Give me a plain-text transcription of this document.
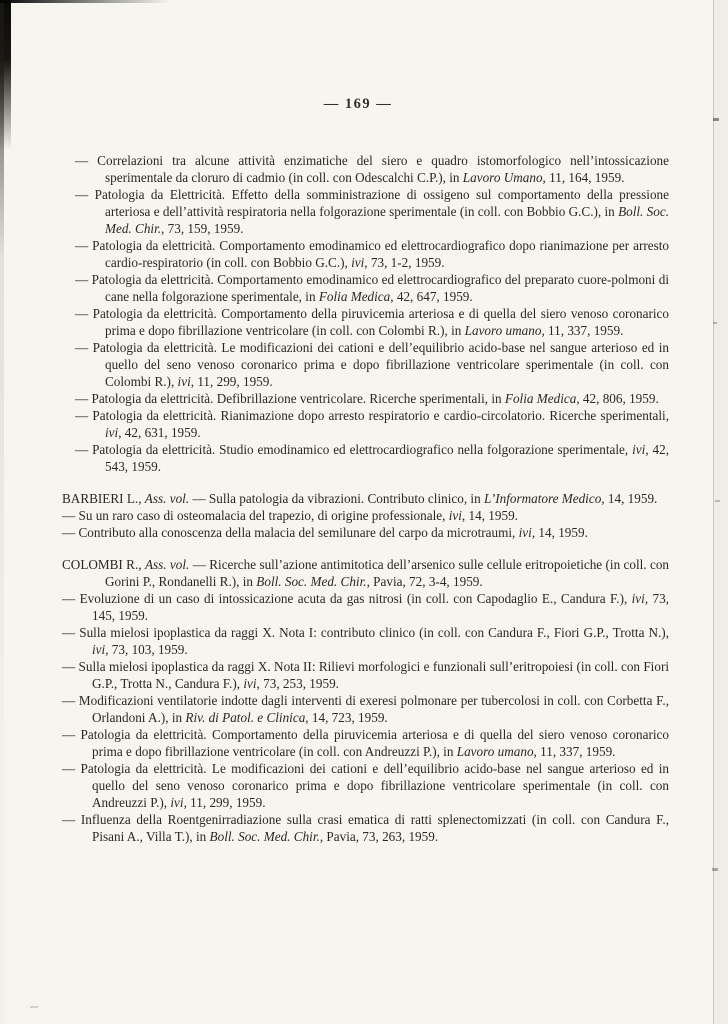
— 169 —

— Correlazioni tra alcune attività enzimatiche del siero e quadro istomorfologico nell’intossicazione sperimentale da cloruro di cadmio (in coll. con Odescalchi C.P.), in Lavoro Umano, 11, 164, 1959.

— Patologia da Elettricità. Effetto della somministrazione di ossigeno sul comportamento della pressione arteriosa e dell’attività respiratoria nella folgorazione sperimentale (in coll. con Bobbio G.C.), in Boll. Soc. Med. Chir., 73, 159, 1959.

— Patologia da elettricità. Comportamento emodinamico ed elettrocardiografico dopo rianimazione per arresto cardio-respiratorio (in coll. con Bobbio G.C.), ivi, 73, 1-2, 1959.

— Patologia da elettricità. Comportamento emodinamico ed elettrocardiografico del preparato cuore-polmoni di cane nella folgorazione sperimentale, in Folia Medica, 42, 647, 1959.

— Patologia da elettricità. Comportamento della piruvicemia arteriosa e di quella del siero venoso coronarico prima e dopo fibrillazione ventricolare (in coll. con Colombi R.), in Lavoro umano, 11, 337, 1959.

— Patologia da elettricità. Le modificazioni dei cationi e dell’equilibrio acido-base nel sangue arterioso ed in quello del seno venoso coronarico prima e dopo fibrillazione ventricolare sperimentale (in coll. con Colombi R.), ivi, 11, 299, 1959.

— Patologia da elettricità. Defibrillazione ventricolare. Ricerche sperimentali, in Folia Medica, 42, 806, 1959.

— Patologia da elettricità. Rianimazione dopo arresto respiratorio e cardio-circolatorio. Ricerche sperimentali, ivi, 42, 631, 1959.

— Patologia da elettricità. Studio emodinamico ed elettrocardiografico nella folgorazione sperimentale, ivi, 42, 543, 1959.

BARBIERI L., Ass. vol. — Sulla patologia da vibrazioni. Contributo clinico, in L’Informatore Medico, 14, 1959.

— Su un raro caso di osteomalacia del trapezio, di origine professionale, ivi, 14, 1959.

— Contributo alla conoscenza della malacia del semilunare del carpo da microtraumi, ivi, 14, 1959.

COLOMBI R., Ass. vol. — Ricerche sull’azione antimitotica dell’arsenico sulle cellule eritropoietiche (in coll. con Gorini P., Rondanelli R.), in Boll. Soc. Med. Chir., Pavia, 72, 3-4, 1959.

— Evoluzione di un caso di intossicazione acuta da gas nitrosi (in coll. con Capodaglio E., Candura F.), ivi, 73, 145, 1959.

— Sulla mielosi ipoplastica da raggi X. Nota I: contributo clinico (in coll. con Candura F., Fiori G.P., Trotta N.), ivi, 73, 103, 1959.

— Sulla mielosi ipoplastica da raggi X. Nota II: Rilievi morfologici e funzionali sull’eritropoiesi (in coll. con Fiori G.P., Trotta N., Candura F.), ivi, 73, 253, 1959.

— Modificazioni ventilatorie indotte dagli interventi di exeresi polmonare per tubercolosi in coll. con Corbetta F., Orlandoni A.), in Riv. di Patol. e Clinica, 14, 723, 1959.

— Patologia da elettricità. Comportamento della piruvicemia arteriosa e di quella del siero venoso coronarico prima e dopo fibrillazione ventricolare (in coll. con Andreuzzi P.), in Lavoro umano, 11, 337, 1959.

— Patologia da elettricità. Le modificazioni dei cationi e dell’equilibrio acido-base nel sangue arterioso ed in quello del seno venoso coronarico prima e dopo fibrillazione ventricolare sperimentale (in coll. con Andreuzzi P.), ivi, 11, 299, 1959.

— Influenza della Roentgenirradiazione sulla crasi ematica di ratti splenectomizzati (in coll. con Candura F., Pisani A., Villa T.), in Boll. Soc. Med. Chir., Pavia, 73, 263, 1959.
